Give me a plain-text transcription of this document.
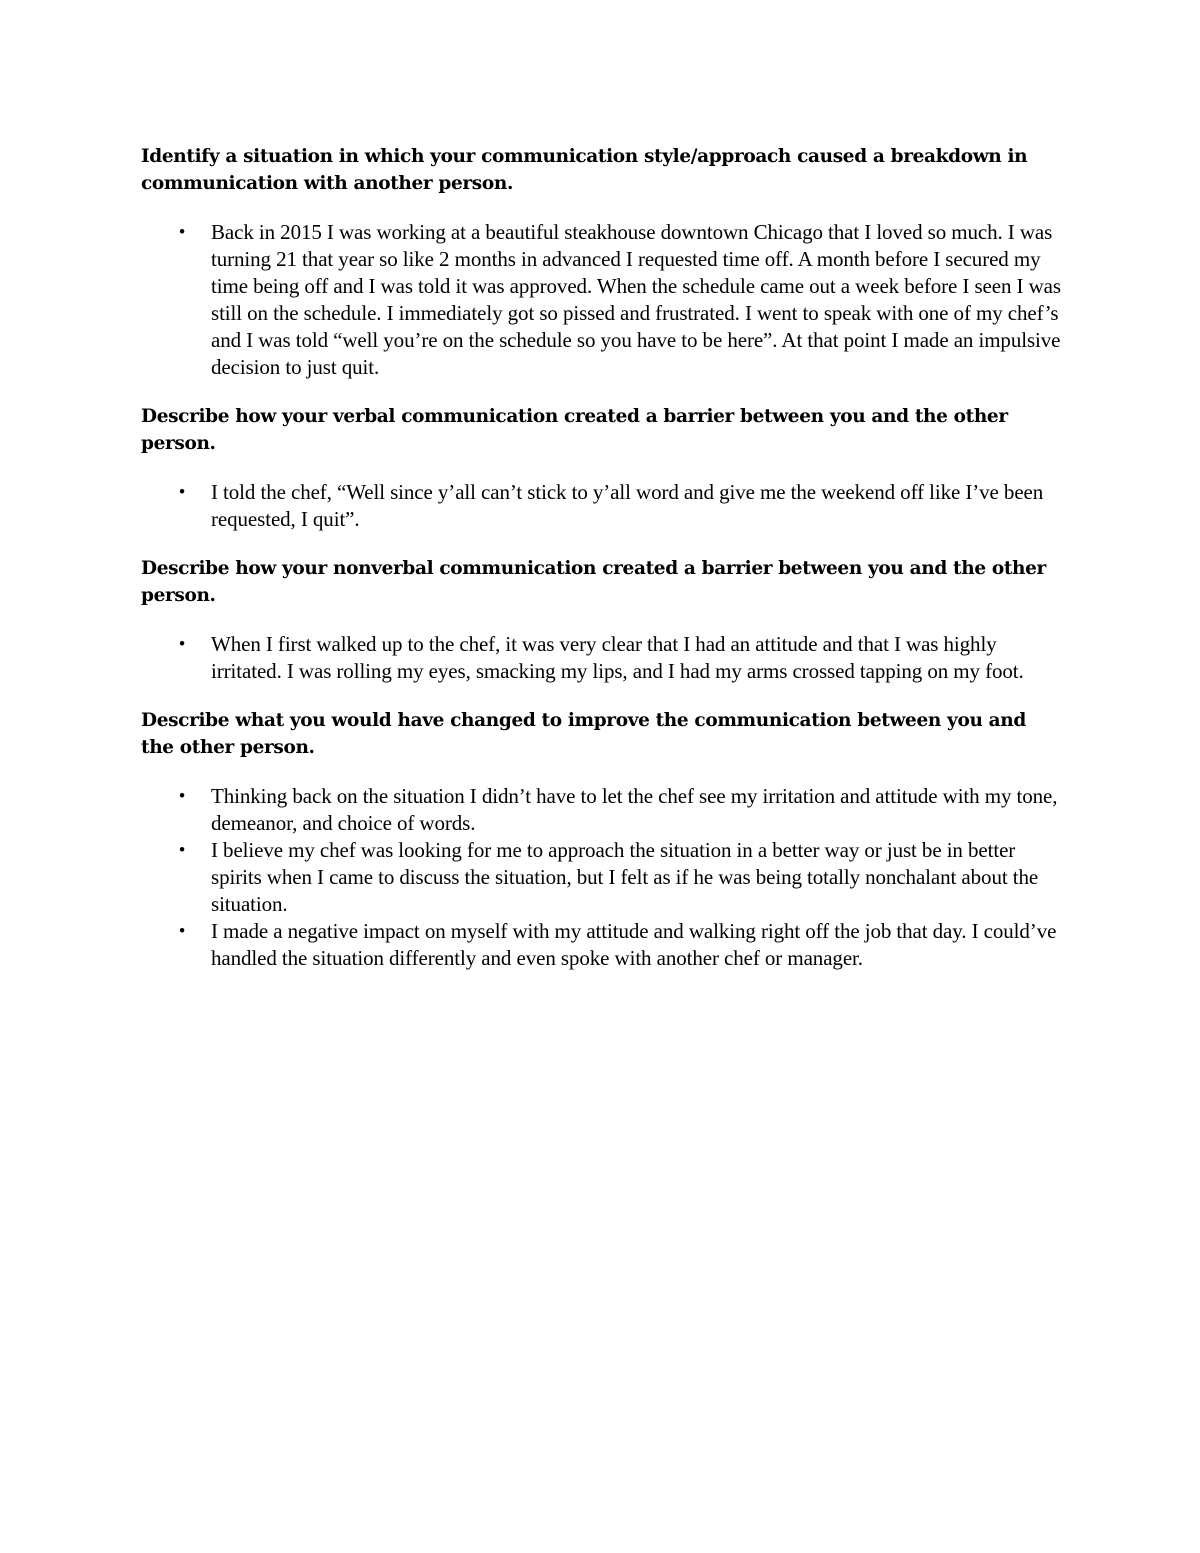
Identify a situation in which your communication style/approach caused a breakdown in communication with another person.
• Back in 2015 I was working at a beautiful steakhouse downtown Chicago that I loved so much. I was turning 21 that year so like 2 months in advanced I requested time off. A month before I secured my time being off and I was told it was approved. When the schedule came out a week before I seen I was still on the schedule. I immediately got so pissed and frustrated. I went to speak with one of my chef’s and I was told “well you’re on the schedule so you have to be here”. At that point I made an impulsive decision to just quit.
Describe how your verbal communication created a barrier between you and the other person.
• I told the chef, “Well since y’all can’t stick to y’all word and give me the weekend off like I’ve been requested, I quit”.
Describe how your nonverbal communication created a barrier between you and the other person.
• When I first walked up to the chef, it was very clear that I had an attitude and that I was highly irritated. I was rolling my eyes, smacking my lips, and I had my arms crossed tapping on my foot.
Describe what you would have changed to improve the communication between you and the other person.
• Thinking back on the situation I didn’t have to let the chef see my irritation and attitude with my tone, demeanor, and choice of words.
• I believe my chef was looking for me to approach the situation in a better way or just be in better spirits when I came to discuss the situation, but I felt as if he was being totally nonchalant about the situation.
• I made a negative impact on myself with my attitude and walking right off the job that day. I could’ve handled the situation differently and even spoke with another chef or manager.
